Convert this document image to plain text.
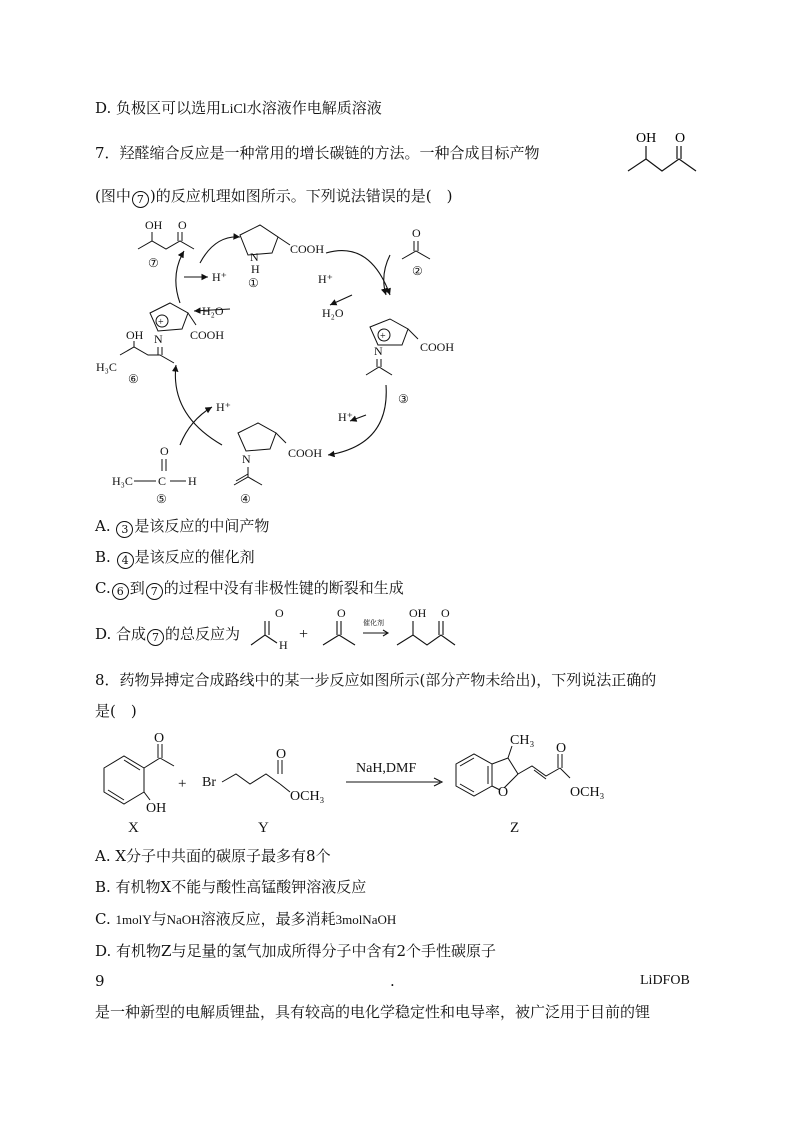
D. 负极区可以选用LiCl水溶液作电解质溶液
7．羟醛缩合反应是一种常用的增长碳链的方法。一种合成目标产物
OH O
(图中 7 )的反应机理如图所示。下列说法错误的是(　)
OH O
⑦
COOH
N
H
①
O
②
+
COOH
N
③
COOH
N
④
O
H₃C C H
⑤
+
COOH
N
OH
H₃C
⑥
H⁺
H₂O
H⁺
H₂O
H⁺
H⁺
A. 3 是该反应的中间产物
B. 4 是该反应的催化剂
C. 6 到 7 的过程中没有非极性键的断裂和生成
D. 合成 7 的总反应为
O
H
+
O
催化剂
OH O
8．药物异搏定合成路线中的某一步反应如图所示(部分产物未给出)，下列说法正确的
是(　)
O
OH
X
+ Br
O
OCH₃
Y
NaH,DMF
O
CH₃
O
OCH₃
Z
A. X分子中共面的碳原子最多有8个
B. 有机物X不能与酸性高锰酸钾溶液反应
C. 1molY与NaOH溶液反应，最多消耗3molNaOH
D. 有机物Z与足量的氢气加成所得分子中含有2个手性碳原子
9	.	LiDFOB
是一种新型的电解质锂盐，具有较高的电化学稳定性和电导率，被广泛用于目前的锂
